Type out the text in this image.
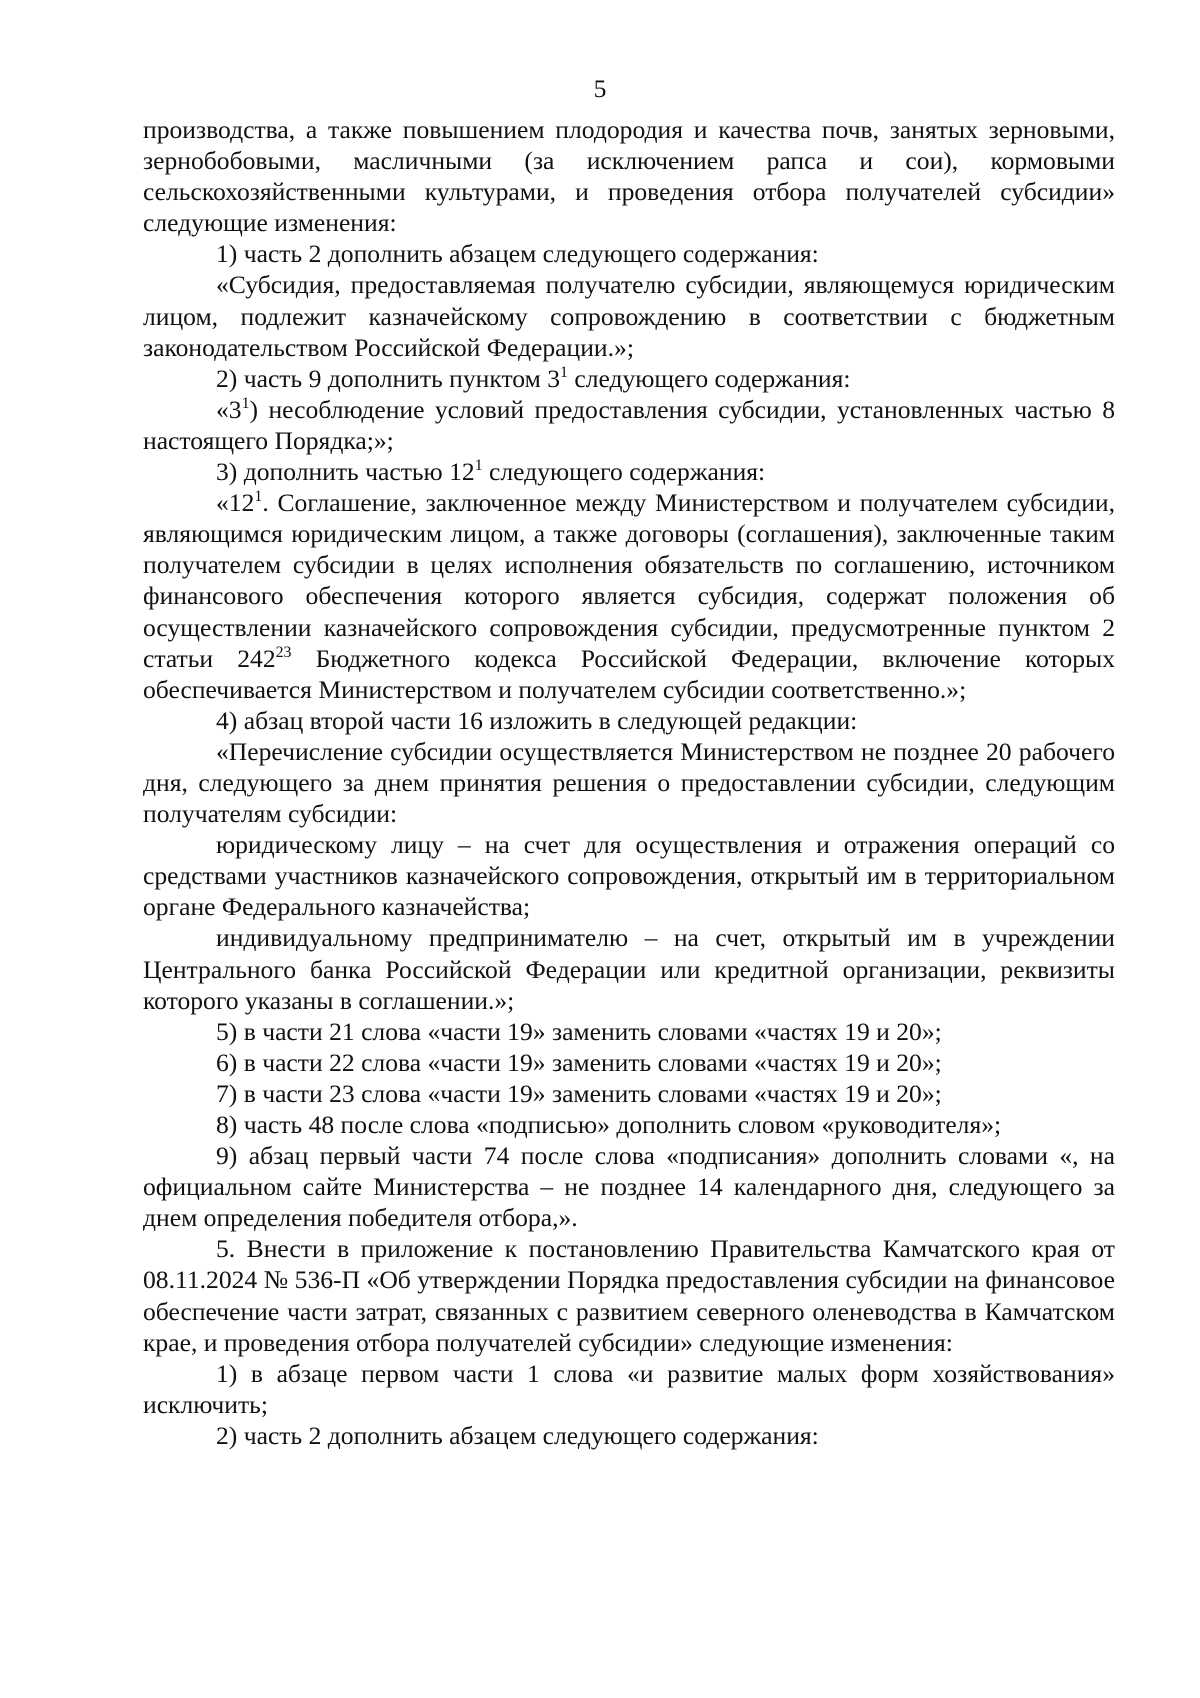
5

производства, а также повышением плодородия и качества почв, занятых зерновыми, зернобобовыми, масличными (за исключением рапса и сои), кормовыми сельскохозяйственными культурами, и проведения отбора получателей субсидии» следующие изменения:

1) часть 2 дополнить абзацем следующего содержания:

«Субсидия, предоставляемая получателю субсидии, являющемуся юридическим лицом, подлежит казначейскому сопровождению в соответствии с бюджетным законодательством Российской Федерации.»;

2) часть 9 дополнить пунктом $3^1$ следующего содержания:

«$3^1$) несоблюдение условий предоставления субсидии, установленных частью 8 настоящего Порядка;»;

3) дополнить частью $12^1$ следующего содержания:

«$12^1$. Соглашение, заключенное между Министерством и получателем субсидии, являющимся юридическим лицом, а также договоры (соглашения), заключенные таким получателем субсидии в целях исполнения обязательств по соглашению, источником финансового обеспечения которого является субсидия, содержат положения об осуществлении казначейского сопровождения субсидии, предусмотренные пунктом 2 статьи $242^{23}$ Бюджетного кодекса Российской Федерации, включение которых обеспечивается Министерством и получателем субсидии соответственно.»;

4) абзац второй части 16 изложить в следующей редакции:

«Перечисление субсидии осуществляется Министерством не позднее 20 рабочего дня, следующего за днем принятия решения о предоставлении субсидии, следующим получателям субсидии:

юридическому лицу – на счет для осуществления и отражения операций со средствами участников казначейского сопровождения, открытый им в территориальном органе Федерального казначейства;

индивидуальному предпринимателю – на счет, открытый им в учреждении Центрального банка Российской Федерации или кредитной организации, реквизиты которого указаны в соглашении.»;

5) в части 21 слова «части 19» заменить словами «частях 19 и 20»;

6) в части 22 слова «части 19» заменить словами «частях 19 и 20»;

7) в части 23 слова «части 19» заменить словами «частях 19 и 20»;

8) часть 48 после слова «подписью» дополнить словом «руководителя»;

9) абзац первый части 74 после слова «подписания» дополнить словами «, на официальном сайте Министерства – не позднее 14 календарного дня, следующего за днем определения победителя отбора,».

5. Внести в приложение к постановлению Правительства Камчатского края от 08.11.2024 № 536-П «Об утверждении Порядка предоставления субсидии на финансовое обеспечение части затрат, связанных с развитием северного оленеводства в Камчатском крае, и проведения отбора получателей субсидии» следующие изменения:

1) в абзаце первом части 1 слова «и развитие малых форм хозяйствования» исключить;

2) часть 2 дополнить абзацем следующего содержания:
